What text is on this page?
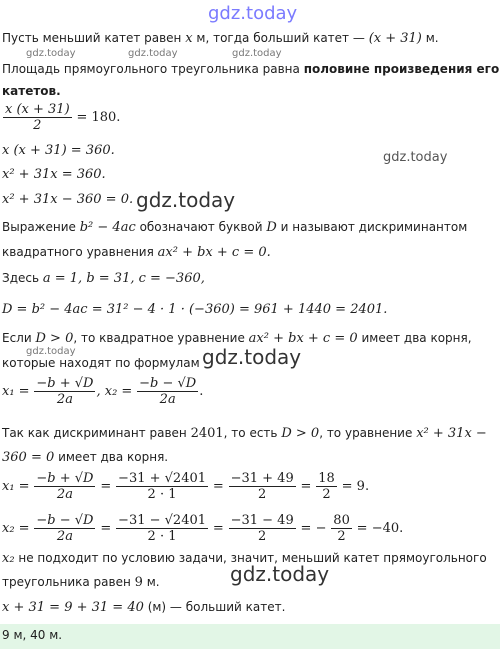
gdz.today
gdz.today	gdz.today	gdz.today
gdz.today
gdz.today
gdz.today	gdz.today
gdz.today
Пусть меньший катет равен x м, тогда больший катет — (x + 31) м.
Площадь прямоугольного треугольника равна половине произведения его
катетов.
$\frac{x (x + 31)}{2} = 180$.
x (x + 31) = 360.
x² + 31x = 360.
x² + 31x − 360 = 0.
Выражение b² − 4ac обозначают буквой D и называют дискриминантом
квадратного уравнения ax² + bx + c = 0.
Здесь a = 1, b = 31, c = −360,
D = b² − 4ac = 31² − 4 · 1 · (−360) = 961 + 1440 = 2401.
Если D > 0, то квадратное уравнение ax² + bx + c = 0 имеет два корня,
которые находят по формулам
$x_1 = \frac{-b + √D}{2a}$ , $x_2 = \frac{-b - √D}{2a}$ .
Так как дискриминант равен 2401, то есть D > 0, то уравнение x² + 31x −
360 = 0 имеет два корня.
$x_1 = \frac{-b + √D}{2a} = \frac{-31 + √2401}{2 \cdot 1} = \frac{-31 + 49}{2} = \frac{18}{2} = 9$.
$x_2 = \frac{-b - √D}{2a} = \frac{-31 - √2401}{2 \cdot 1} = \frac{-31 - 49}{2}$ = − $\frac{80}{2} = -40$.
x₂ не подходит по условию задачи, значит, меньший катет прямоугольного
треугольника равен 9 м.
x + 31 = 9 + 31 = 40 (м) — больший катет.
9 м, 40 м.
